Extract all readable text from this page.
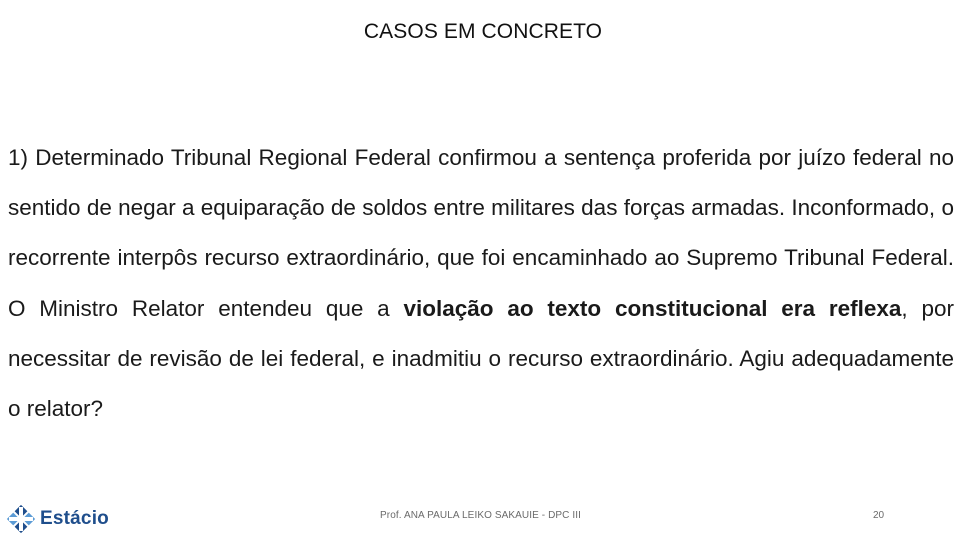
CASOS EM CONCRETO
1) Determinado Tribunal Regional Federal confirmou a sentença proferida por juízo federal no sentido de negar a equiparação de soldos entre militares das forças armadas. Inconformado, o recorrente interpôs recurso extraordinário, que foi encaminhado ao Supremo Tribunal Federal. O Ministro Relator entendeu que a violação ao texto constitucional era reflexa, por necessitar de revisão de lei federal, e inadmitiu o recurso extraordinário. Agiu adequadamente o relator?
Estácio	Prof. ANA PAULA LEIKO SAKAUIE - DPC III	20
